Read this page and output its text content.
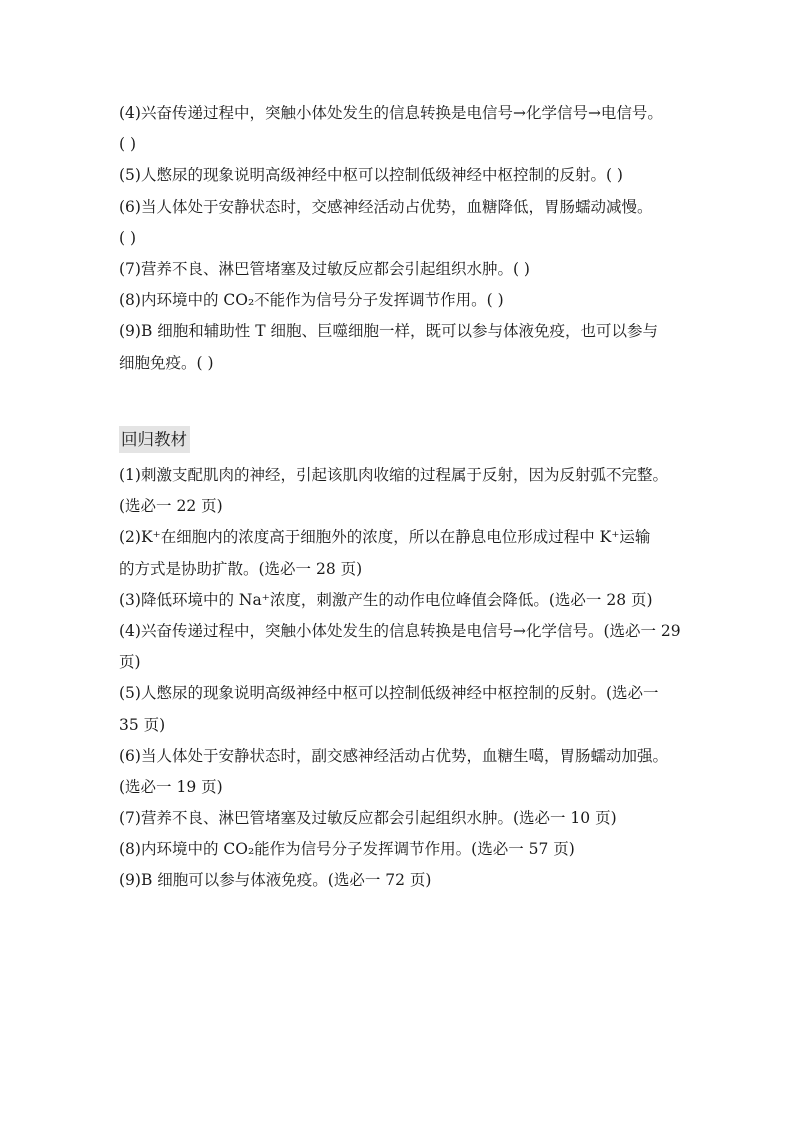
(4)兴奋传递过程中，突触小体处发生的信息转换是电信号→化学信号→电信号。
( )
(5)人憋尿的现象说明高级神经中枢可以控制低级神经中枢控制的反射。( )
(6)当人体处于安静状态时，交感神经活动占优势，血糖降低，胃肠蠕动减慢。
( )
(7)营养不良、淋巴管堵塞及过敏反应都会引起组织水肿。( )
(8)内环境中的 CO₂不能作为信号分子发挥调节作用。( )
(9)B 细胞和辅助性 T 细胞、巨噬细胞一样，既可以参与体液免疫，也可以参与
细胞免疫。( )
回归教材
(1)刺激支配肌肉的神经，引起该肌肉收缩的过程属于反射，因为反射弧不完整。
(选必一 22 页)
(2)K⁺在细胞内的浓度高于细胞外的浓度，所以在静息电位形成过程中 K⁺运输
的方式是协助扩散。(选必一 28 页)
(3)降低环境中的 Na⁺浓度，刺激产生的动作电位峰值会降低。(选必一 28 页)
(4)兴奋传递过程中，突触小体处发生的信息转换是电信号→化学信号。(选必一 29
页)
(5)人憋尿的现象说明高级神经中枢可以控制低级神经中枢控制的反射。(选必一
35 页)
(6)当人体处于安静状态时，副交感神经活动占优势，血糖生噶，胃肠蠕动加强。
(选必一 19 页)
(7)营养不良、淋巴管堵塞及过敏反应都会引起组织水肿。(选必一 10 页)
(8)内环境中的 CO₂能作为信号分子发挥调节作用。(选必一 57 页)
(9)B 细胞可以参与体液免疫。(选必一 72 页)
